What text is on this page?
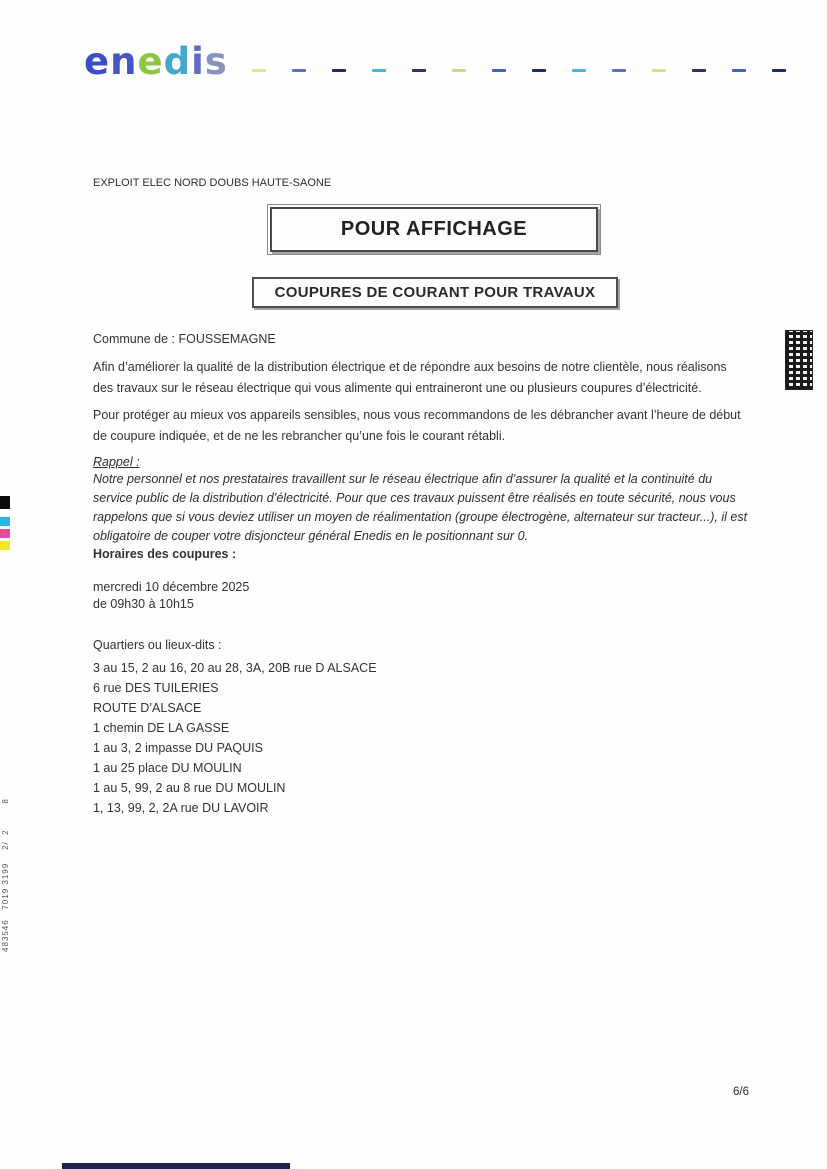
enedis
EXPLOIT ELEC NORD DOUBS HAUTE-SAONE
POUR AFFICHAGE
COUPURES DE COURANT POUR TRAVAUX
Commune de : FOUSSEMAGNE
Afin d’améliorer la qualité de la distribution électrique et de répondre aux besoins de notre clientèle, nous réalisons des travaux sur le réseau électrique qui vous alimente qui entraineront une ou plusieurs coupures d’électricité.
Pour protéger au mieux vos appareils sensibles, nous vous recommandons de les débrancher avant l’heure de début de coupure indiquée, et de ne les rebrancher qu’une fois le courant rétabli.
Rappel :
Notre personnel et nos prestataires travaillent sur le réseau électrique afin d’assurer la qualité et la continuité du service public de la distribution d’électricité. Pour que ces travaux puissent être réalisés en toute sécurité, nous vous rappelons que si vous deviez utiliser un moyen de réalimentation (groupe électrogène, alternateur sur tracteur...), il est obligatoire de couper votre disjoncteur général Enedis en le positionnant sur 0.
Horaires des coupures :
mercredi 10 décembre 2025
de 09h30 à 10h15
Quartiers ou lieux-dits :
3 au 15, 2 au 16, 20 au 28, 3A, 20B rue D ALSACE
6 rue DES TUILERIES
ROUTE D’ALSACE
1 chemin DE LA GASSE
1 au 3, 2 impasse DU PAQUIS
1 au 25 place DU MOULIN
1 au 5, 99, 2 au 8 rue DU MOULIN
1, 13, 99, 2, 2A rue DU LAVOIR
6/6
483546   7019 3199    2/  2        8
